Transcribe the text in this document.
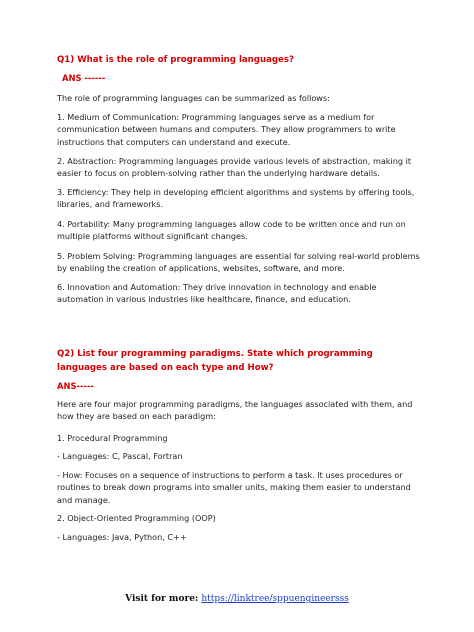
Q1) What is the role of programming languages?
ANS ------
The role of programming languages can be summarized as follows:
1. Medium of Communication: Programming languages serve as a medium for communication between humans and computers. They allow programmers to write instructions that computers can understand and execute.
2. Abstraction: Programming languages provide various levels of abstraction, making it easier to focus on problem-solving rather than the underlying hardware details.
3. Efficiency: They help in developing efficient algorithms and systems by offering tools, libraries, and frameworks.
4. Portability: Many programming languages allow code to be written once and run on multiple platforms without significant changes.
5. Problem Solving: Programming languages are essential for solving real-world problems by enabling the creation of applications, websites, software, and more.
6. Innovation and Automation: They drive innovation in technology and enable automation in various industries like healthcare, finance, and education.
Q2) List four programming paradigms. State which programming languages are based on each type and How?
ANS-----
Here are four major programming paradigms, the languages associated with them, and how they are based on each paradigm:
1. Procedural Programming
- Languages: C, Pascal, Fortran
- How: Focuses on a sequence of instructions to perform a task. It uses procedures or routines to break down programs into smaller units, making them easier to understand and manage.
2. Object-Oriented Programming (OOP)
- Languages: Java, Python, C++
Visit for more: https://linktree/sppuengineersss
